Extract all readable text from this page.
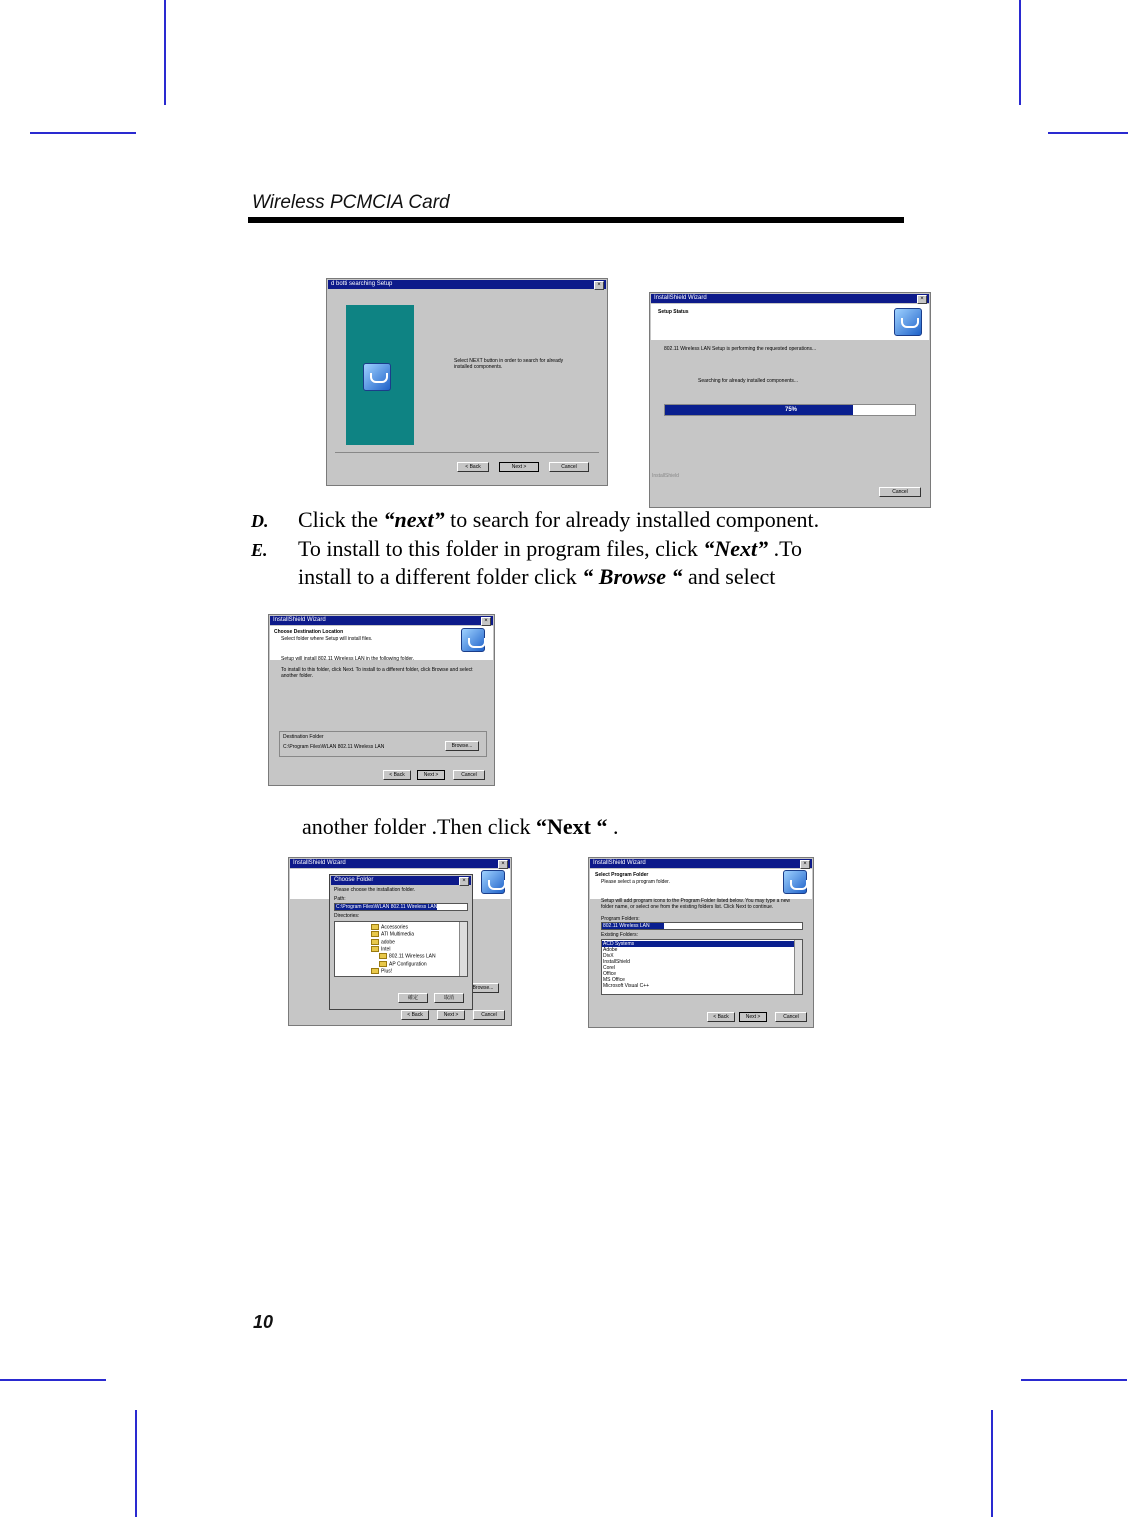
Wireless PCMCIA Card
d botti searching Setup	×
Select NEXT button in order to search for already installed components.
< Back	Next >	Cancel
InstallShield Wizard	×
Setup Status
802.11 Wireless LAN Setup is performing the requested operations...
Searching for already installed components...
75%
InstallShield
Cancel
D. Click the “next” to search for already installed component.
E. To install to this folder in program files, click “Next” .To
install to a different folder click “ Browse “ and select
InstallShield Wizard	×
Choose Destination Location
Select folder where Setup will install files.
Setup will install 802.11 Wireless LAN in the following folder.
To install to this folder, click Next. To install to a different folder, click Browse and select another folder.
Destination Folder
C:\Program Files\WLAN 802.11 Wireless LAN	Browse...
< Back	Next >	Cancel
another folder .Then click “Next “ .
InstallShield Wizard	×
Browse...
< Back	Next >	Cancel
Choose Folder	×
Please choose the installation folder.
Path:
C:\Program Files\WLAN 802.11 Wireless LAN
Directories:
Accessories
ATI Multimedia
adobe
Intel
802.11 Wireless LAN
AP Configuration
Plus!
確定	取消
InstallShield Wizard	×
Select Program Folder
Please select a program folder.
Setup will add program icons to the Program Folder listed below. You may type a new folder name, or select one from the existing folders list. Click Next to continue.
Program Folders:
802.11 Wireless LAN
Existing Folders:
ACD Systems
Adobe
DivX
InstallShield
Corel
Office
MS Office
Microsoft Visual C++
< Back	Next >	Cancel
10
